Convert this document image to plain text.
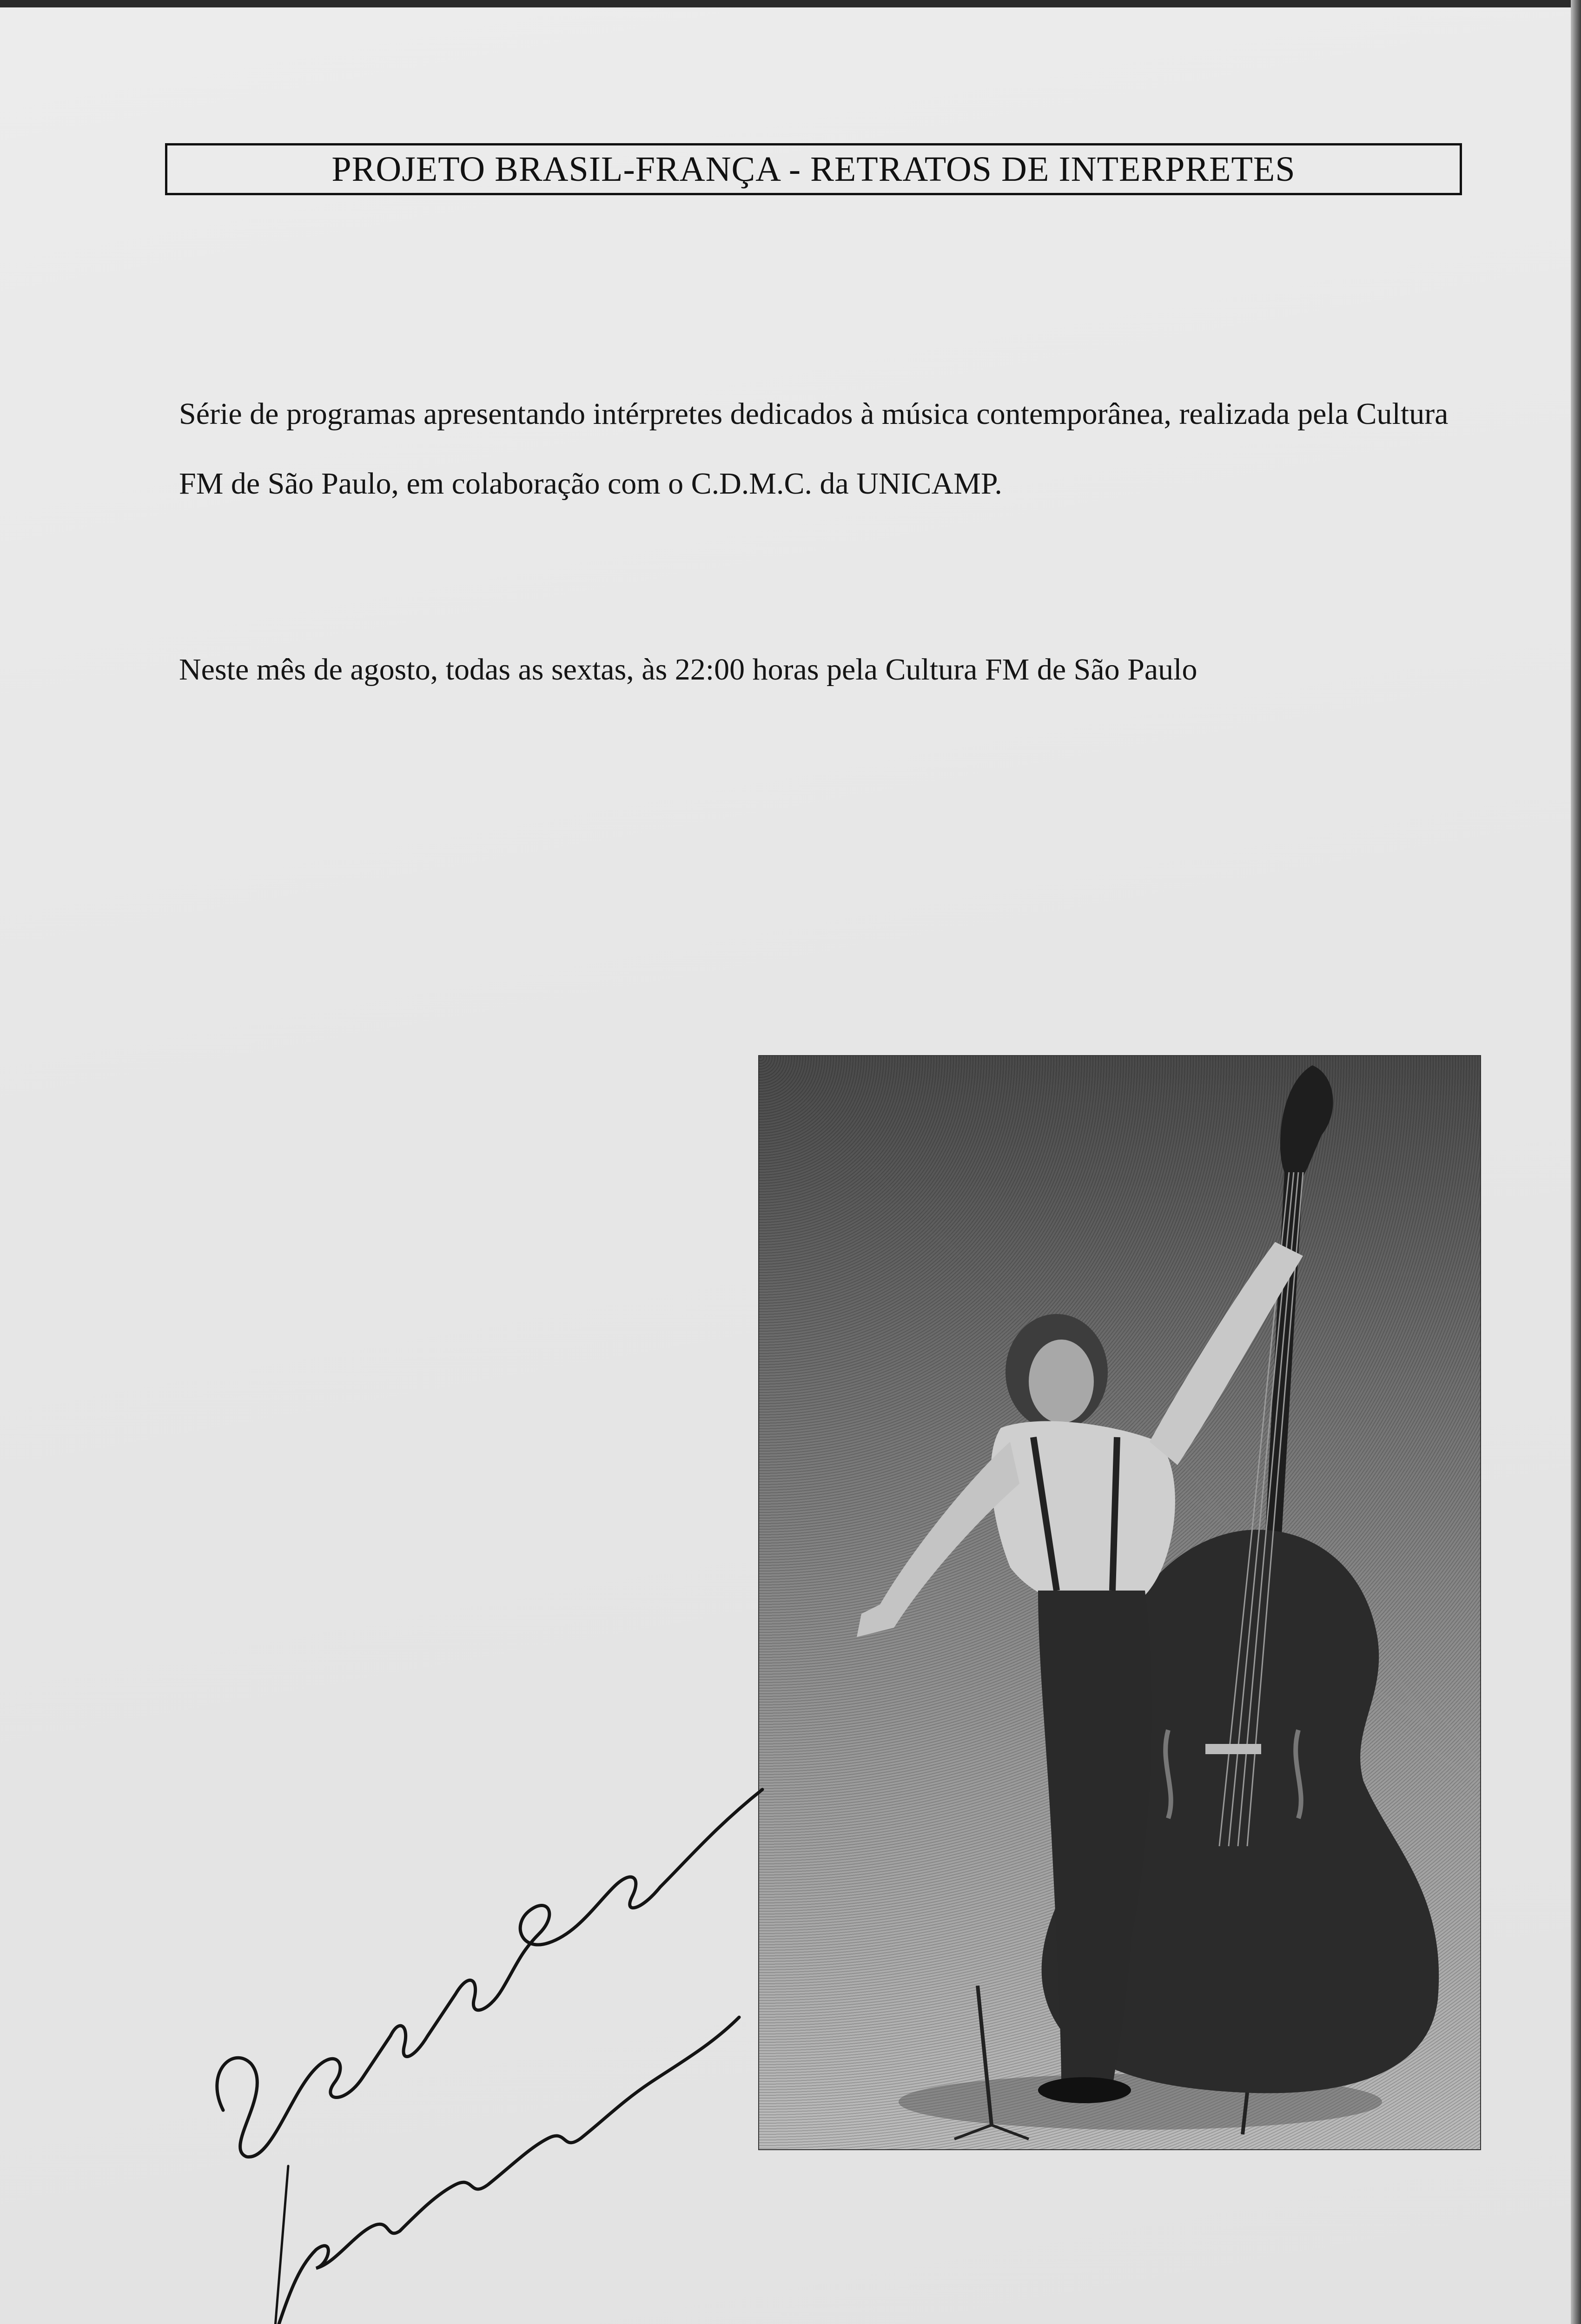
PROJETO BRASIL-FRANÇA - RETRATOS DE INTERPRETES
Série de programas apresentando intérpretes dedicados à música contemporânea, realizada pela Cultura
FM de São Paulo, em colaboração com o C.D.M.C. da UNICAMP.
Neste mês de agosto, todas as sextas, às 22:00 horas pela Cultura FM de São Paulo
